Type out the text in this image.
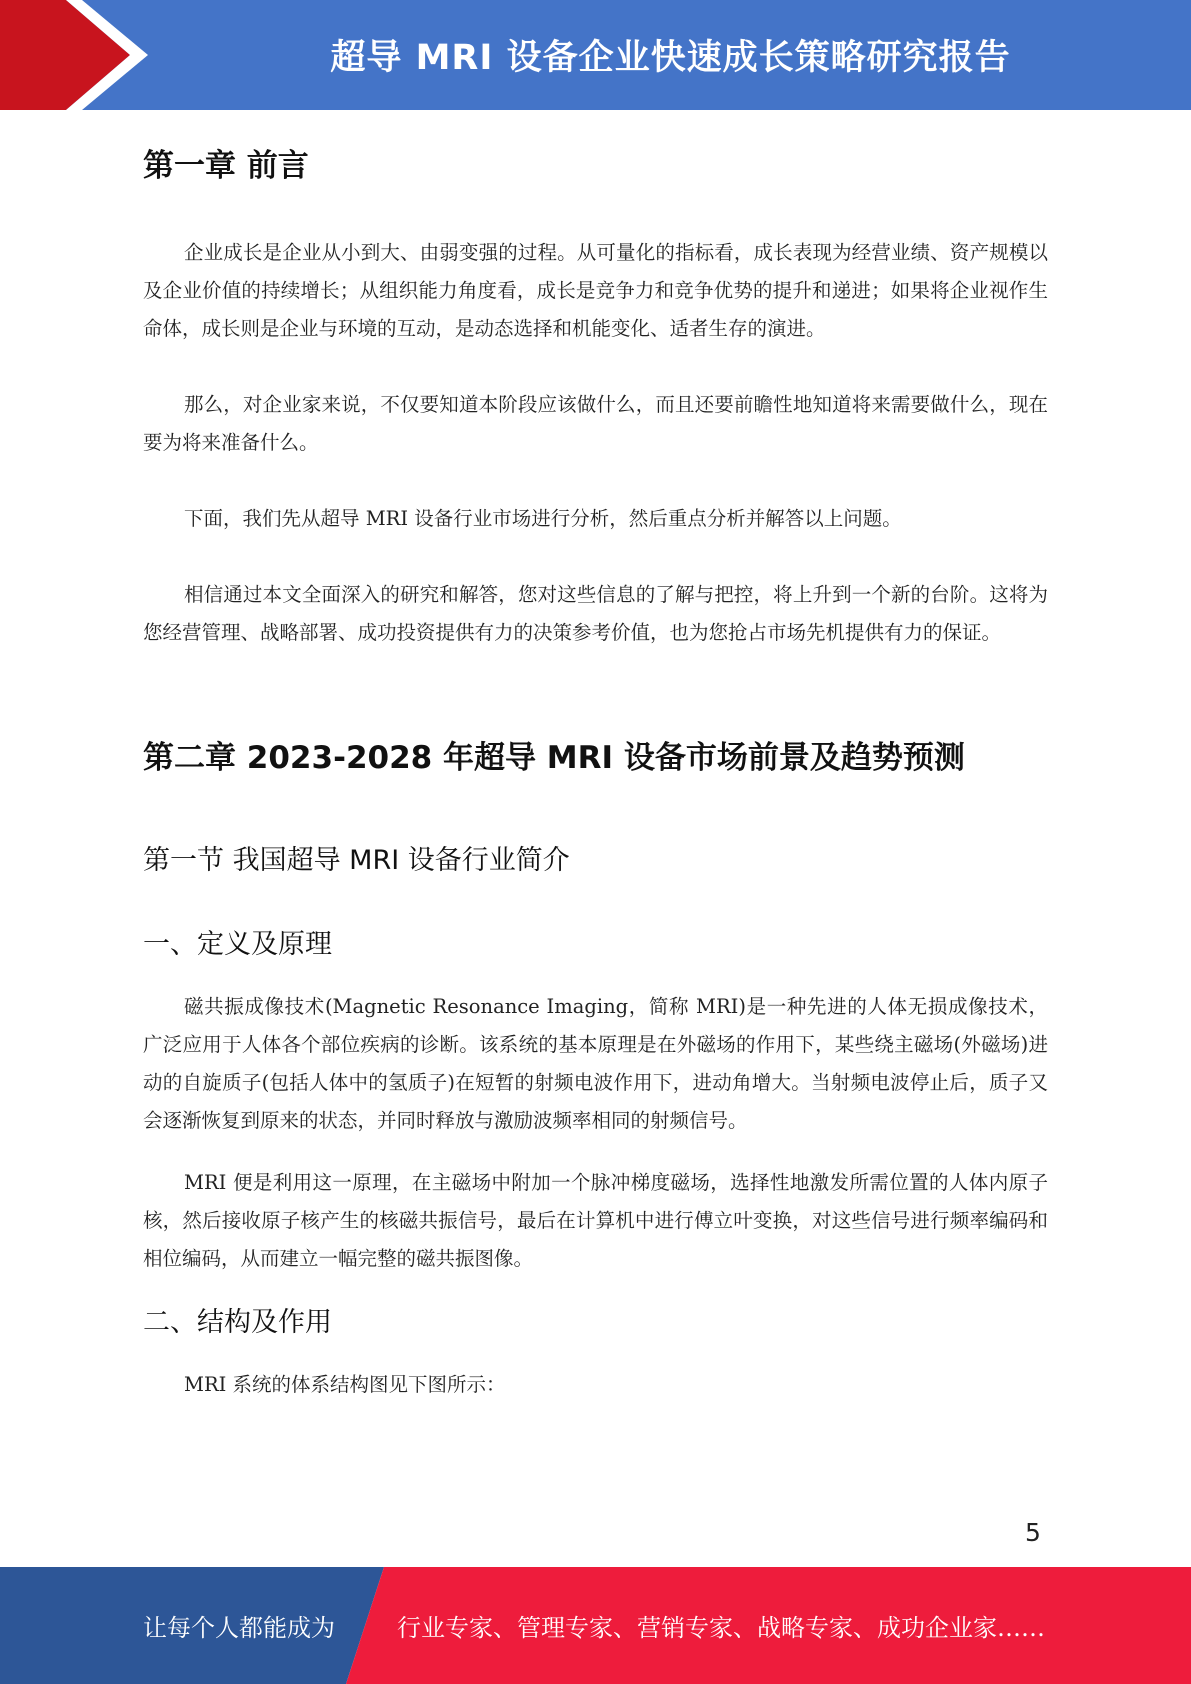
超导 MRI 设备企业快速成长策略研究报告
第一章 前言

企业成长是企业从小到大、由弱变强的过程。从可量化的指标看，成长表现为经营业绩、资产规模以及企业价值的持续增长；从组织能力角度看，成长是竞争力和竞争优势的提升和递进；如果将企业视作生命体，成长则是企业与环境的互动，是动态选择和机能变化、适者生存的演进。

那么，对企业家来说，不仅要知道本阶段应该做什么，而且还要前瞻性地知道将来需要做什么，现在要为将来准备什么。

下面，我们先从超导 MRI 设备行业市场进行分析，然后重点分析并解答以上问题。

相信通过本文全面深入的研究和解答，您对这些信息的了解与把控，将上升到一个新的台阶。这将为您经营管理、战略部署、成功投资提供有力的决策参考价值，也为您抢占市场先机提供有力的保证。

第二章 2023-2028 年超导 MRI 设备市场前景及趋势预测
第一节 我国超导 MRI 设备行业简介
一、定义及原理

磁共振成像技术(Magnetic Resonance Imaging，简称 MRI)是一种先进的人体无损成像技术，广泛应用于人体各个部位疾病的诊断。该系统的基本原理是在外磁场的作用下，某些绕主磁场(外磁场)进动的自旋质子(包括人体中的氢质子)在短暂的射频电波作用下，进动角增大。当射频电波停止后，质子又会逐渐恢复到原来的状态，并同时释放与激励波频率相同的射频信号。

MRI 便是利用这一原理，在主磁场中附加一个脉冲梯度磁场，选择性地激发所需位置的人体内原子核，然后接收原子核产生的核磁共振信号，最后在计算机中进行傅立叶变换，对这些信号进行频率编码和相位编码，从而建立一幅完整的磁共振图像。

二、结构及作用

MRI 系统的体系结构图见下图所示：

5
让每个人都能成为	行业专家、管理专家、营销专家、战略专家、成功企业家……
